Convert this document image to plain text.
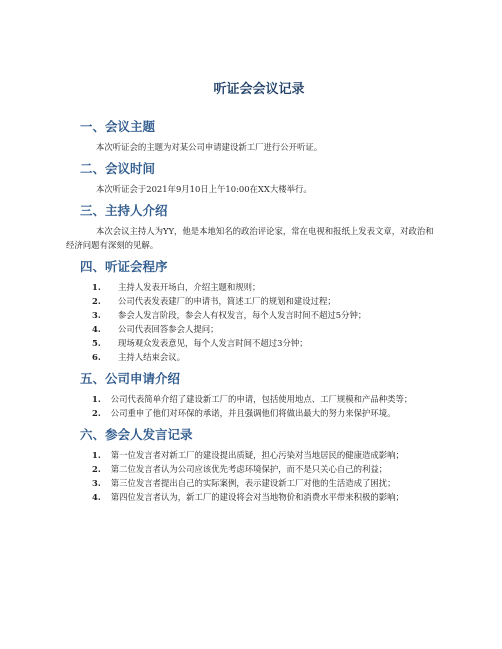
听证会会议记录
一、会议主题

本次听证会的主题为对某公司申请建设新工厂进行公开听证。

二、会议时间

本次听证会于2021年9月10日上午10:00在XX大楼举行。

三、主持人介绍

本次会议主持人为YY，他是本地知名的政治评论家，常在电视和报纸上发表文章，对政治和经济问题有深刻的见解。

四、听证会程序
1. 主持人发表开场白，介绍主题和规则；
2. 公司代表发表建厂的申请书，简述工厂的规划和建设过程；
3. 参会人发言阶段，参会人有权发言，每个人发言时间不超过5分钟；
4. 公司代表回答参会人提问；
5. 现场观众发表意见，每个人发言时间不超过3分钟；
6. 主持人结束会议。
五、公司申请介绍
1. 公司代表简单介绍了建设新工厂的申请，包括使用地点、工厂规模和产品种类等；
2. 公司重申了他们对环保的承诺，并且强调他们将做出最大的努力来保护环境。
六、参会人发言记录
1. 第一位发言者对新工厂的建设提出质疑，担心污染对当地居民的健康造成影响；
2. 第二位发言者认为公司应该优先考虑环境保护，而不是只关心自己的利益；
3. 第三位发言者提出自己的实际案例，表示建设新工厂对他的生活造成了困扰；
4. 第四位发言者认为，新工厂的建设将会对当地物价和消费水平带来积极的影响；
